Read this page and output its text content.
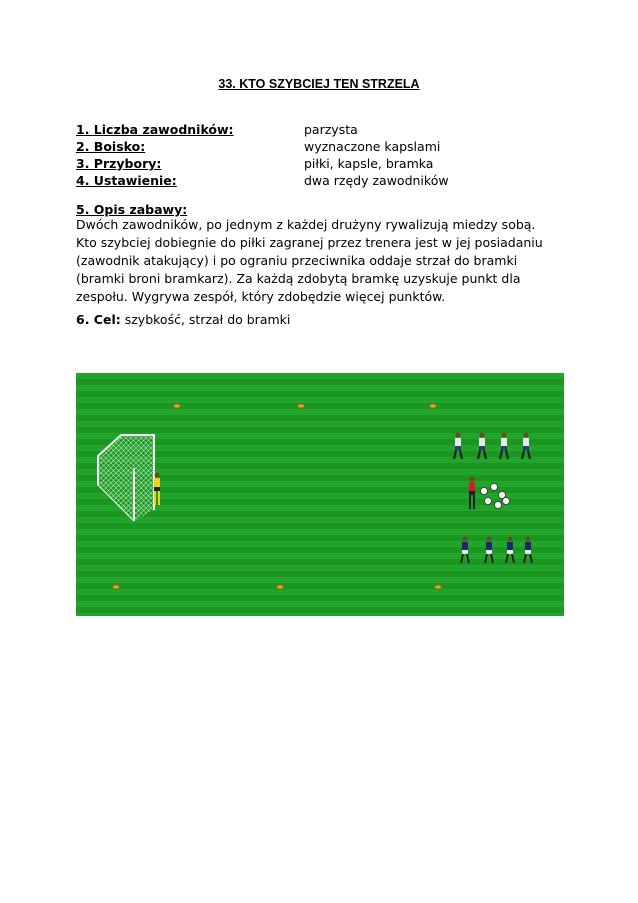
33. KTO SZYBCIEJ TEN STRZELA
1. Liczba zawodników:	parzysta
2. Boisko:	wyznaczone kapslami
3. Przybory:	piłki, kapsle, bramka
4. Ustawienie:	dwa rzędy zawodników
5. Opis zabawy:
Dwóch zawodników, po jednym z każdej drużyny rywalizują miedzy sobą.
Kto szybciej dobiegnie do piłki zagranej przez trenera jest w jej posiadaniu
(zawodnik atakujący) i po ograniu przeciwnika oddaje strzał do bramki
(bramki broni bramkarz). Za każdą zdobytą bramkę uzyskuje punkt dla
zespołu. Wygrywa zespół, który zdobędzie więcej punktów.
6. Cel: szybkość, strzał do bramki
